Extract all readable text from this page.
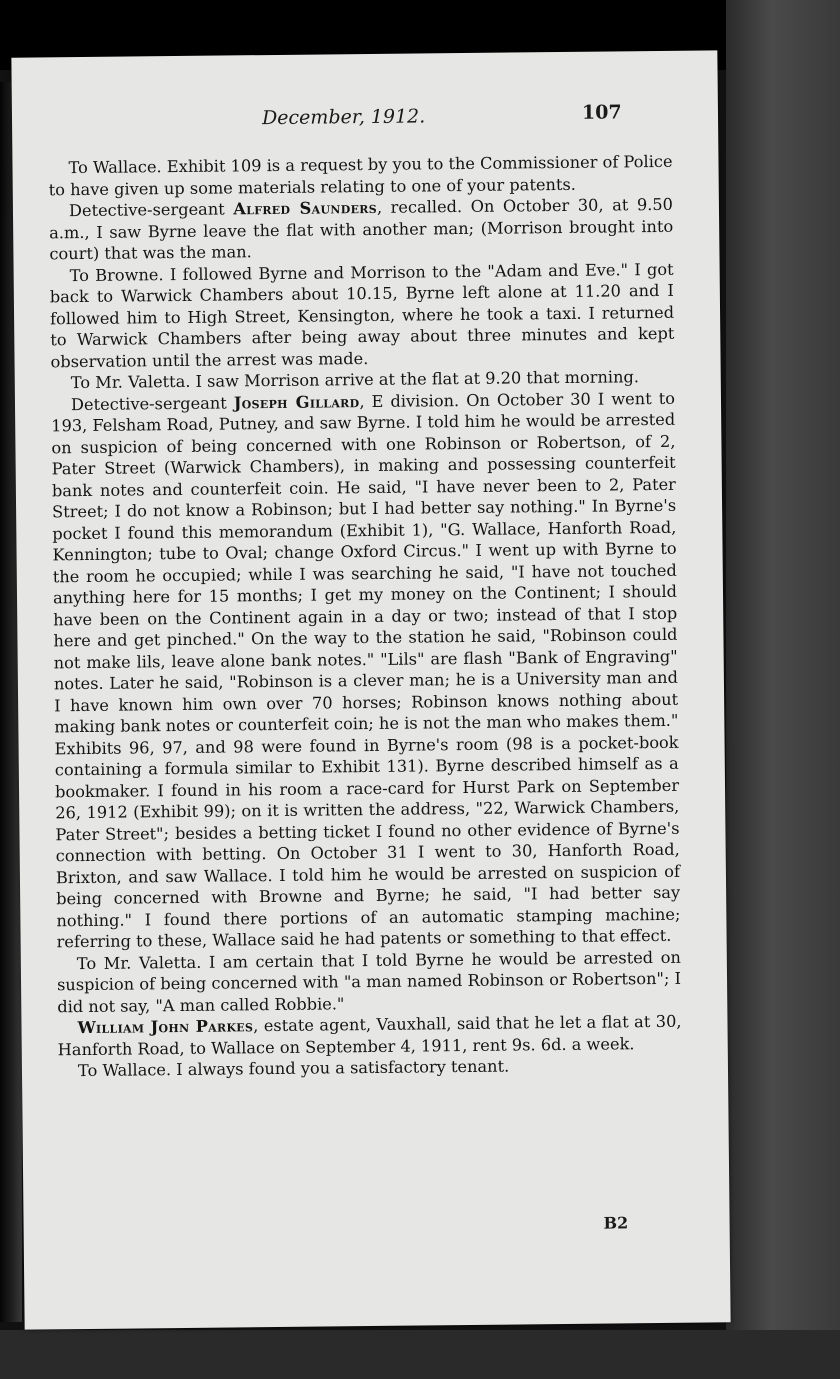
December, 1912.	107

To Wallace. Exhibit 109 is a request by you to the Commissioner of Police to have given up some materials relating to one of your patents.

Detective-sergeant Alfred Saunders, recalled. On October 30, at 9.50 a.m., I saw Byrne leave the flat with another man; (Morrison brought into court) that was the man.

To Browne. I followed Byrne and Morrison to the "Adam and Eve." I got back to Warwick Chambers about 10.15, Byrne left alone at 11.20 and I followed him to High Street, Kensington, where he took a taxi. I returned to Warwick Chambers after being away about three minutes and kept observation until the arrest was made.

To Mr. Valetta. I saw Morrison arrive at the flat at 9.20 that morning.

Detective-sergeant Joseph Gillard, E division. On October 30 I went to 193, Felsham Road, Putney, and saw Byrne. I told him he would be arrested on suspicion of being concerned with one Robinson or Robertson, of 2, Pater Street (Warwick Chambers), in making and possessing counterfeit bank notes and counterfeit coin. He said, "I have never been to 2, Pater Street; I do not know a Robinson; but I had better say nothing." In Byrne's pocket I found this memorandum (Exhibit 1), "G. Wallace, Hanforth Road, Kennington; tube to Oval; change Oxford Circus." I went up with Byrne to the room he occupied; while I was searching he said, "I have not touched anything here for 15 months; I get my money on the Continent; I should have been on the Continent again in a day or two; instead of that I stop here and get pinched." On the way to the station he said, "Robinson could not make lils, leave alone bank notes." "Lils" are flash "Bank of Engraving" notes. Later he said, "Robinson is a clever man; he is a University man and I have known him own over 70 horses; Robinson knows nothing about making bank notes or counterfeit coin; he is not the man who makes them." Exhibits 96, 97, and 98 were found in Byrne's room (98 is a pocket-book containing a formula similar to Exhibit 131). Byrne described himself as a bookmaker. I found in his room a race-card for Hurst Park on September 26, 1912 (Exhibit 99); on it is written the address, "22, Warwick Chambers, Pater Street"; besides a betting ticket I found no other evidence of Byrne's connection with betting. On October 31 I went to 30, Hanforth Road, Brixton, and saw Wallace. I told him he would be arrested on suspicion of being concerned with Browne and Byrne; he said, "I had better say nothing." I found there portions of an automatic stamping machine; referring to these, Wallace said he had patents or something to that effect.

To Mr. Valetta. I am certain that I told Byrne he would be arrested on suspicion of being concerned with "a man named Robinson or Robertson"; I did not say, "A man called Robbie."

William John Parkes, estate agent, Vauxhall, said that he let a flat at 30, Hanforth Road, to Wallace on September 4, 1911, rent 9s. 6d. a week.

To Wallace. I always found you a satisfactory tenant.

B2
